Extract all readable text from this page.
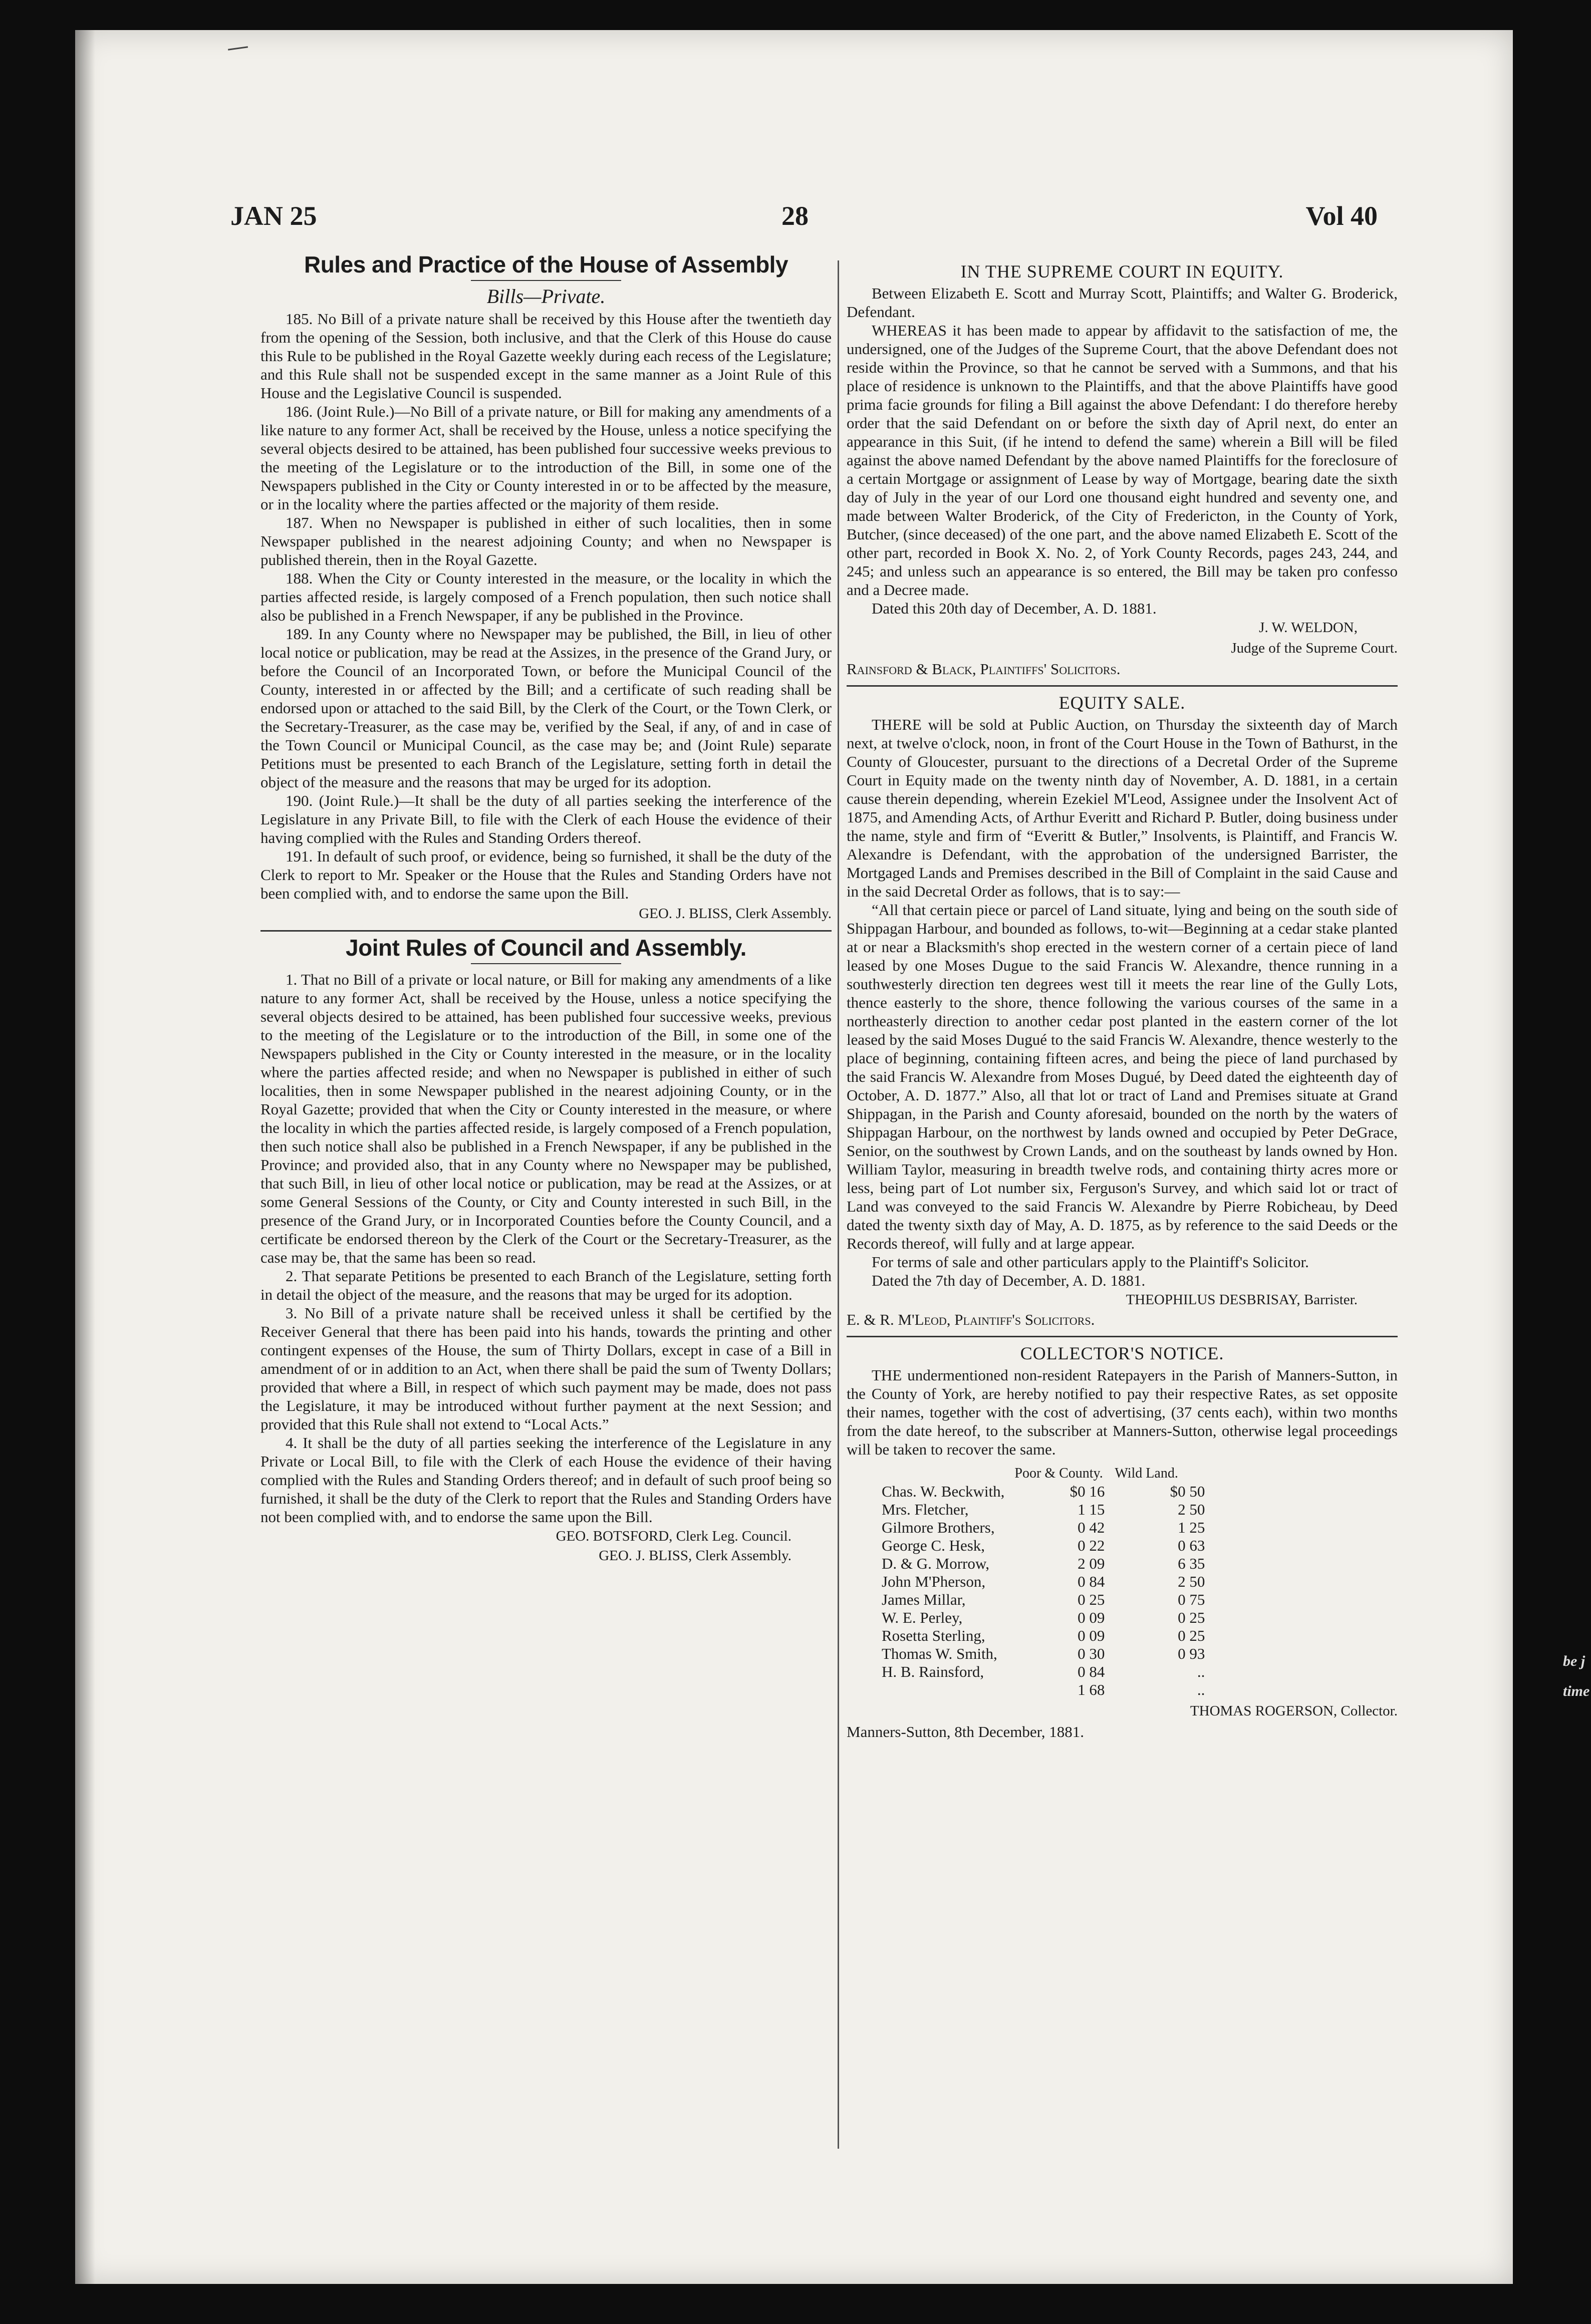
JAN 25	28	Vol 40
Rules and Practice of the House of Assembly
Bills—Private.

185. No Bill of a private nature shall be received by this House after the twentieth day from the opening of the Session, both inclusive, and that the Clerk of this House do cause this Rule to be published in the Royal Gazette weekly during each recess of the Legislature; and this Rule shall not be suspended except in the same manner as a Joint Rule of this House and the Legislative Council is suspended.

186. (Joint Rule.)—No Bill of a private nature, or Bill for making any amendments of a like nature to any former Act, shall be received by the House, unless a notice specifying the several objects desired to be attained, has been published four successive weeks previous to the meeting of the Legislature or to the introduction of the Bill, in some one of the Newspapers published in the City or County interested in or to be affected by the measure, or in the locality where the parties affected or the majority of them reside.

187. When no Newspaper is published in either of such localities, then in some Newspaper published in the nearest adjoining County; and when no Newspaper is published therein, then in the Royal Gazette.

188. When the City or County interested in the measure, or the locality in which the parties affected reside, is largely composed of a French population, then such notice shall also be published in a French Newspaper, if any be published in the Province.

189. In any County where no Newspaper may be published, the Bill, in lieu of other local notice or publication, may be read at the Assizes, in the presence of the Grand Jury, or before the Council of an Incorporated Town, or before the Municipal Council of the County, interested in or affected by the Bill; and a certificate of such reading shall be endorsed upon or attached to the said Bill, by the Clerk of the Court, or the Town Clerk, or the Secretary-Treasurer, as the case may be, verified by the Seal, if any, of and in case of the Town Council or Municipal Council, as the case may be; and (Joint Rule) separate Petitions must be presented to each Branch of the Legislature, setting forth in detail the object of the measure and the reasons that may be urged for its adoption.

190. (Joint Rule.)—It shall be the duty of all parties seeking the interference of the Legislature in any Private Bill, to file with the Clerk of each House the evidence of their having complied with the Rules and Standing Orders thereof.

191. In default of such proof, or evidence, being so furnished, it shall be the duty of the Clerk to report to Mr. Speaker or the House that the Rules and Standing Orders have not been complied with, and to endorse the same upon the Bill.

GEO. J. BLISS, Clerk Assembly.
Joint Rules of Council and Assembly.

1. That no Bill of a private or local nature, or Bill for making any amendments of a like nature to any former Act, shall be received by the House, unless a notice specifying the several objects desired to be attained, has been published four successive weeks, previous to the meeting of the Legislature or to the introduction of the Bill, in some one of the Newspapers published in the City or County interested in the measure, or in the locality where the parties affected reside; and when no Newspaper is published in either of such localities, then in some Newspaper published in the nearest adjoining County, or in the Royal Gazette; provided that when the City or County interested in the measure, or where the locality in which the parties affected reside, is largely composed of a French population, then such notice shall also be published in a French Newspaper, if any be published in the Province; and provided also, that in any County where no Newspaper may be published, that such Bill, in lieu of other local notice or publication, may be read at the Assizes, or at some General Sessions of the County, or City and County interested in such Bill, in the presence of the Grand Jury, or in Incorporated Counties before the County Council, and a certificate be endorsed thereon by the Clerk of the Court or the Secretary-Treasurer, as the case may be, that the same has been so read.

2. That separate Petitions be presented to each Branch of the Legislature, setting forth in detail the object of the measure, and the reasons that may be urged for its adoption.

3. No Bill of a private nature shall be received unless it shall be certified by the Receiver General that there has been paid into his hands, towards the printing and other contingent expenses of the House, the sum of Thirty Dollars, except in case of a Bill in amendment of or in addition to an Act, when there shall be paid the sum of Twenty Dollars; provided that where a Bill, in respect of which such payment may be made, does not pass the Legislature, it may be introduced without further payment at the next Session; and provided that this Rule shall not extend to “Local Acts.”

4. It shall be the duty of all parties seeking the interference of the Legislature in any Private or Local Bill, to file with the Clerk of each House the evidence of their having complied with the Rules and Standing Orders thereof; and in default of such proof being so furnished, it shall be the duty of the Clerk to report that the Rules and Standing Orders have not been complied with, and to endorse the same upon the Bill.

GEO. BOTSFORD, Clerk Leg. Council.
GEO. J. BLISS, Clerk Assembly.
IN THE SUPREME COURT IN EQUITY.

Between Elizabeth E. Scott and Murray Scott, Plaintiffs; and Walter G. Broderick, Defendant.

WHEREAS it has been made to appear by affidavit to the satisfaction of me, the undersigned, one of the Judges of the Supreme Court, that the above Defendant does not reside within the Province, so that he cannot be served with a Summons, and that his place of residence is unknown to the Plaintiffs, and that the above Plaintiffs have good prima facie grounds for filing a Bill against the above Defendant: I do therefore hereby order that the said Defendant on or before the sixth day of April next, do enter an appearance in this Suit, (if he intend to defend the same) wherein a Bill will be filed against the above named Defendant by the above named Plaintiffs for the foreclosure of a certain Mortgage or assignment of Lease by way of Mortgage, bearing date the sixth day of July in the year of our Lord one thousand eight hundred and seventy one, and made between Walter Broderick, of the City of Fredericton, in the County of York, Butcher, (since deceased) of the one part, and the above named Elizabeth E. Scott of the other part, recorded in Book X. No. 2, of York County Records, pages 243, 244, and 245; and unless such an appearance is so entered, the Bill may be taken pro confesso and a Decree made.

Dated this 20th day of December, A. D. 1881.

J. W. WELDON,
Judge of the Supreme Court.

Rainsford & Black, Plaintiffs' Solicitors.

EQUITY SALE.

THERE will be sold at Public Auction, on Thursday the sixteenth day of March next, at twelve o'clock, noon, in front of the Court House in the Town of Bathurst, in the County of Gloucester, pursuant to the directions of a Decretal Order of the Supreme Court in Equity made on the twenty ninth day of November, A. D. 1881, in a certain cause therein depending, wherein Ezekiel M'Leod, Assignee under the Insolvent Act of 1875, and Amending Acts, of Arthur Everitt and Richard P. Butler, doing business under the name, style and firm of “Everitt & Butler,” Insolvents, is Plaintiff, and Francis W. Alexandre is Defendant, with the approbation of the undersigned Barrister, the Mortgaged Lands and Premises described in the Bill of Complaint in the said Cause and in the said Decretal Order as follows, that is to say:—

“All that certain piece or parcel of Land situate, lying and being on the south side of Shippagan Harbour, and bounded as follows, to-wit—Beginning at a cedar stake planted at or near a Blacksmith's shop erected in the western corner of a certain piece of land leased by one Moses Dugue to the said Francis W. Alexandre, thence running in a southwesterly direction ten degrees west till it meets the rear line of the Gully Lots, thence easterly to the shore, thence following the various courses of the same in a northeasterly direction to another cedar post planted in the eastern corner of the lot leased by the said Moses Dugué to the said Francis W. Alexandre, thence westerly to the place of beginning, containing fifteen acres, and being the piece of land purchased by the said Francis W. Alexandre from Moses Dugué, by Deed dated the eighteenth day of October, A. D. 1877.” Also, all that lot or tract of Land and Premises situate at Grand Shippagan, in the Parish and County aforesaid, bounded on the north by the waters of Shippagan Harbour, on the northwest by lands owned and occupied by Peter DeGrace, Senior, on the southwest by Crown Lands, and on the southeast by lands owned by Hon. William Taylor, measuring in breadth twelve rods, and containing thirty acres more or less, being part of Lot number six, Ferguson's Survey, and which said lot or tract of Land was conveyed to the said Francis W. Alexandre by Pierre Robicheau, by Deed dated the twenty sixth day of May, A. D. 1875, as by reference to the said Deeds or the Records thereof, will fully and at large appear.

For terms of sale and other particulars apply to the Plaintiff's Solicitor.

Dated the 7th day of December, A. D. 1881.

THEOPHILUS DESBRISAY, Barrister.

E. & R. M'Leod, Plaintiff's Solicitors.

COLLECTOR'S NOTICE.

THE undermentioned non-resident Ratepayers in the Parish of Manners-Sutton, in the County of York, are hereby notified to pay their respective Rates, as set opposite their names, together with the cost of advertising, (37 cents each), within two months from the date hereof, to the subscriber at Manners-Sutton, otherwise legal proceedings will be taken to recover the same.

	Poor & County.	Wild Land.
Chas. W. Beckwith,	$0 16	$0 50
Mrs. Fletcher,	1 15	2 50
Gilmore Brothers,	0 42	1 25
George C. Hesk,	0 22	0 63
D. & G. Morrow,	2 09	6 35
John M'Pherson,	0 84	2 50
James Millar,	0 25	0 75
W. E. Perley,	0 09	0 25
Rosetta Sterling,	0 09	0 25
Thomas W. Smith,	0 30	0 93
H. B. Rainsford,	0 84	..
	1 68	..
THOMAS ROGERSON, Collector.

Manners-Sutton, 8th December, 1881.

be j
time
